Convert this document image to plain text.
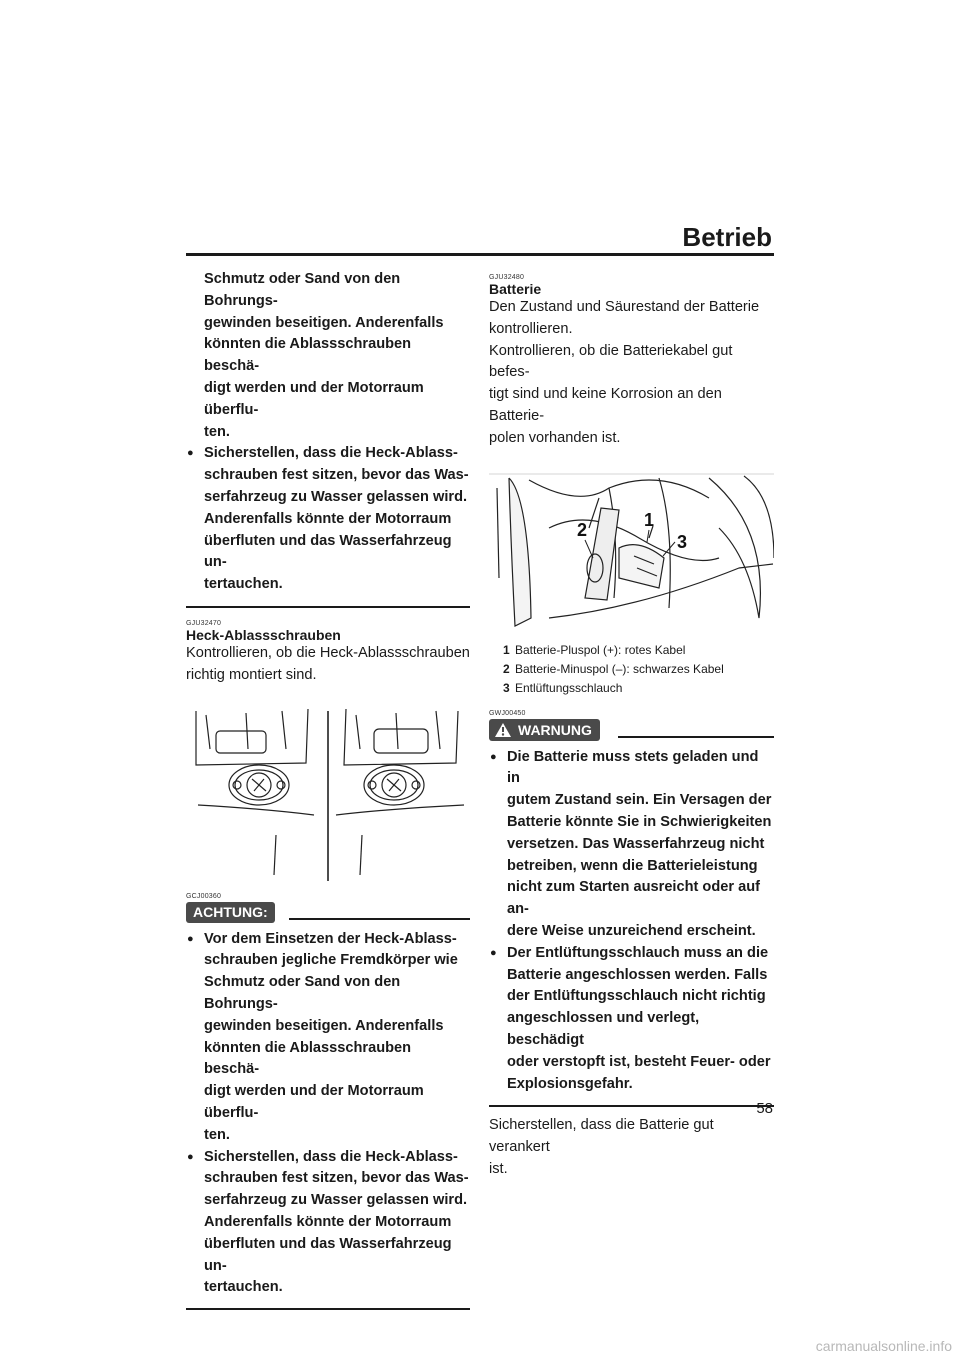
Betrieb
Schmutz oder Sand von den Bohrungs-
gewinden beseitigen. Anderenfalls
könnten die Ablassschrauben beschä-
digt werden und der Motorraum überflu-
ten.
● Sicherstellen, dass die Heck-Ablass-
schrauben fest sitzen, bevor das Was-
serfahrzeug zu Wasser gelassen wird.
Anderenfalls könnte der Motorraum
überfluten und das Wasserfahrzeug un-
tertauchen.
GJU32470
Heck-Ablassschrauben
Kontrollieren, ob die Heck-Ablassschrauben
richtig montiert sind.
GCJ00360
ACHTUNG:
● Vor dem Einsetzen der Heck-Ablass-
schrauben jegliche Fremdkörper wie
Schmutz oder Sand von den Bohrungs-
gewinden beseitigen. Anderenfalls
könnten die Ablassschrauben beschä-
digt werden und der Motorraum überflu-
ten.
● Sicherstellen, dass die Heck-Ablass-
schrauben fest sitzen, bevor das Was-
serfahrzeug zu Wasser gelassen wird.
Anderenfalls könnte der Motorraum
überfluten und das Wasserfahrzeug un-
tertauchen.
GJU32480
Batterie
Den Zustand und Säurestand der Batterie
kontrollieren.
Kontrollieren, ob die Batteriekabel gut befes-
tigt sind und keine Korrosion an den Batterie-
polen vorhanden ist.
2	1
3
1 Batterie-Pluspol (+): rotes Kabel
2 Batterie-Minuspol (–): schwarzes Kabel
3 Entlüftungsschlauch
GWJ00450
WARNUNG
● Die Batterie muss stets geladen und in
gutem Zustand sein. Ein Versagen der
Batterie könnte Sie in Schwierigkeiten
versetzen. Das Wasserfahrzeug nicht
betreiben, wenn die Batterieleistung
nicht zum Starten ausreicht oder auf an-
dere Weise unzureichend erscheint.
● Der Entlüftungsschlauch muss an die
Batterie angeschlossen werden. Falls
der Entlüftungsschlauch nicht richtig
angeschlossen und verlegt, beschädigt
oder verstopft ist, besteht Feuer- oder
Explosionsgefahr.
Sicherstellen, dass die Batterie gut verankert
ist.
58
carmanualsonline.info
